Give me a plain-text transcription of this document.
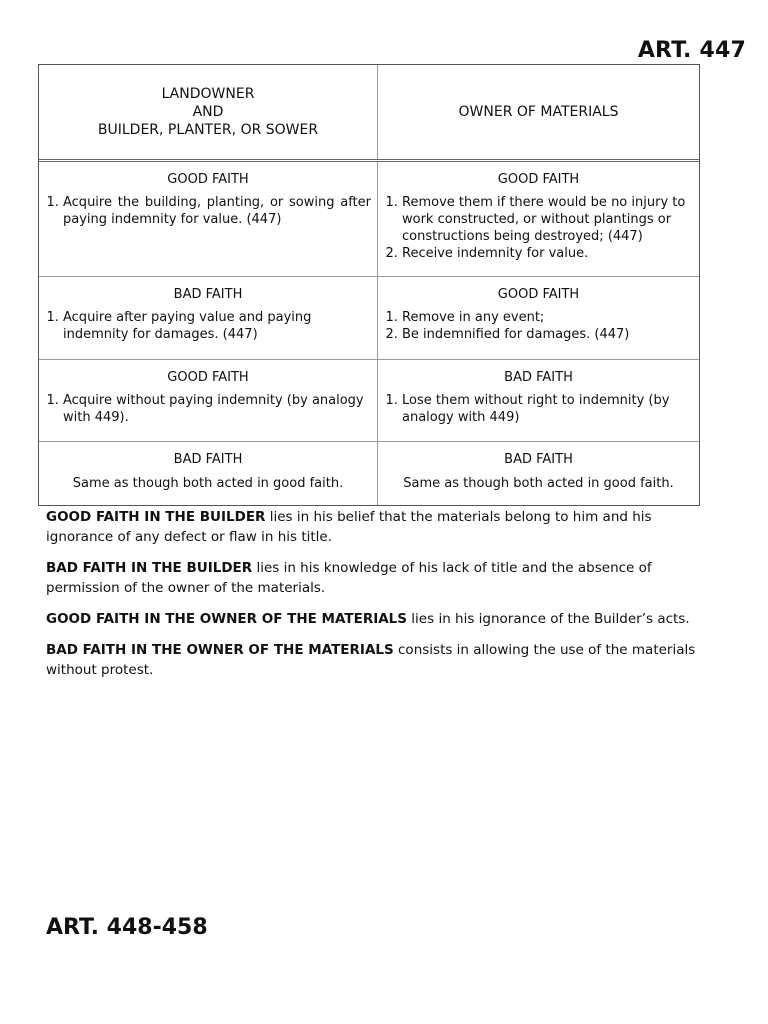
ART. 447
LANDOWNER
AND
BUILDER, PLANTER, OR SOWER
OWNER OF MATERIALS
GOOD FAITH
1. Acquire the building, planting, or sowing after paying indemnity for value. (447)
GOOD FAITH
1. Remove them if there would be no injury to work constructed, or without plantings or constructions being destroyed; (447)
2. Receive indemnity for value.
BAD FAITH
1. Acquire after paying value and paying indemnity for damages. (447)
GOOD FAITH
1. Remove in any event;
2. Be indemnified for damages. (447)
GOOD FAITH
1. Acquire without paying indemnity (by analogy with 449).
BAD FAITH
1. Lose them without right to indemnity (by analogy with 449)
BAD FAITH
Same as though both acted in good faith.
BAD FAITH
Same as though both acted in good faith.

GOOD FAITH IN THE BUILDER lies in his belief that the materials belong to him and his ignorance of any defect or flaw in his title.

BAD FAITH IN THE BUILDER lies in his knowledge of his lack of title and the absence of permission of the owner of the materials.

GOOD FAITH IN THE OWNER OF THE MATERIALS lies in his ignorance of the Builder’s acts.

BAD FAITH IN THE OWNER OF THE MATERIALS consists in allowing the use of the materials without protest.

ART. 448-458
